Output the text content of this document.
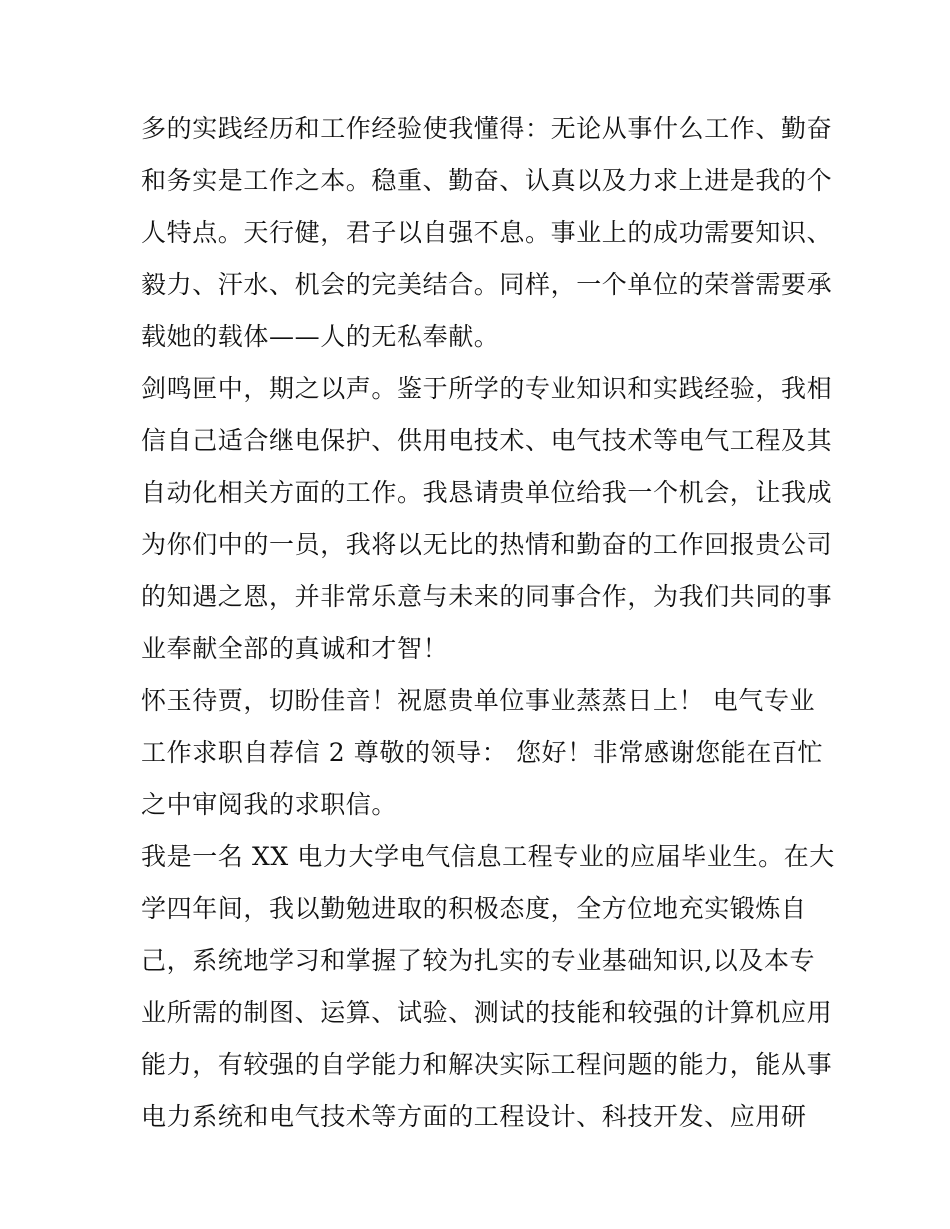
多的实践经历和工作经验使我懂得：无论从事什么工作、勤奋
和务实是工作之本。稳重、勤奋、认真以及力求上进是我的个
人特点。天行健，君子以自强不息。事业上的成功需要知识、
毅力、汗水、机会的完美结合。同样，一个单位的荣誉需要承
载她的载体——人的无私奉献。
剑鸣匣中，期之以声。鉴于所学的专业知识和实践经验，我相
信自己适合继电保护、供用电技术、电气技术等电气工程及其
自动化相关方面的工作。我恳请贵单位给我一个机会，让我成
为你们中的一员，我将以无比的热情和勤奋的工作回报贵公司
的知遇之恩，并非常乐意与未来的同事合作，为我们共同的事
业奉献全部的真诚和才智！
怀玉待贾，切盼佳音！祝愿贵单位事业蒸蒸日上！ 电气专业
工作求职自荐信 2 尊敬的领导： 您好！非常感谢您能在百忙
之中审阅我的求职信。
我是一名 XX 电力大学电气信息工程专业的应届毕业生。在大
学四年间，我以勤勉进取的积极态度，全方位地充实锻炼自
己，系统地学习和掌握了较为扎实的专业基础知识,以及本专
业所需的制图、运算、试验、测试的技能和较强的计算机应用
能力，有较强的自学能力和解决实际工程问题的能力，能从事
电力系统和电气技术等方面的工程设计、科技开发、应用研
